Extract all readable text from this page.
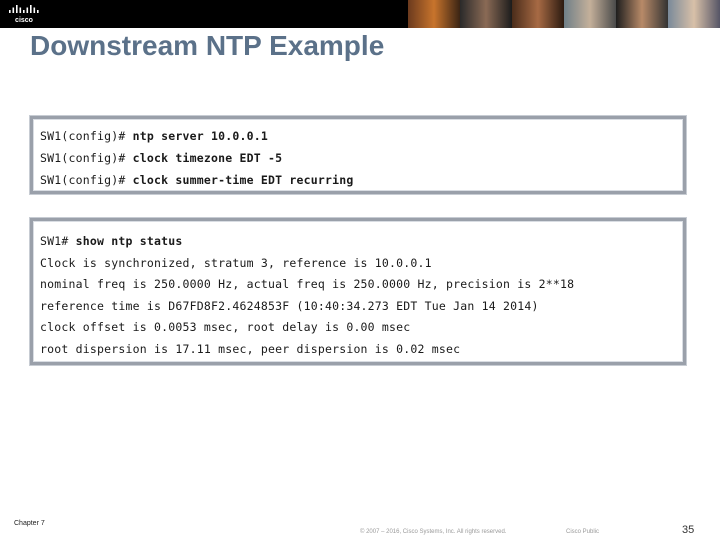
cisco
Downstream NTP Example
SW1(config)# ntp server 10.0.0.1
SW1(config)# clock timezone EDT -5
SW1(config)# clock summer-time EDT recurring
SW1# show ntp status
Clock is synchronized, stratum 3, reference is 10.0.0.1
nominal freq is 250.0000 Hz, actual freq is 250.0000 Hz, precision is 2**18
reference time is D67FD8F2.4624853F (10:40:34.273 EDT Tue Jan 14 2014)
clock offset is 0.0053 msec, root delay is 0.00 msec
root dispersion is 17.11 msec, peer dispersion is 0.02 msec
Chapter 7
© 2007 – 2016, Cisco Systems, Inc. All rights reserved.	Cisco Public	35
